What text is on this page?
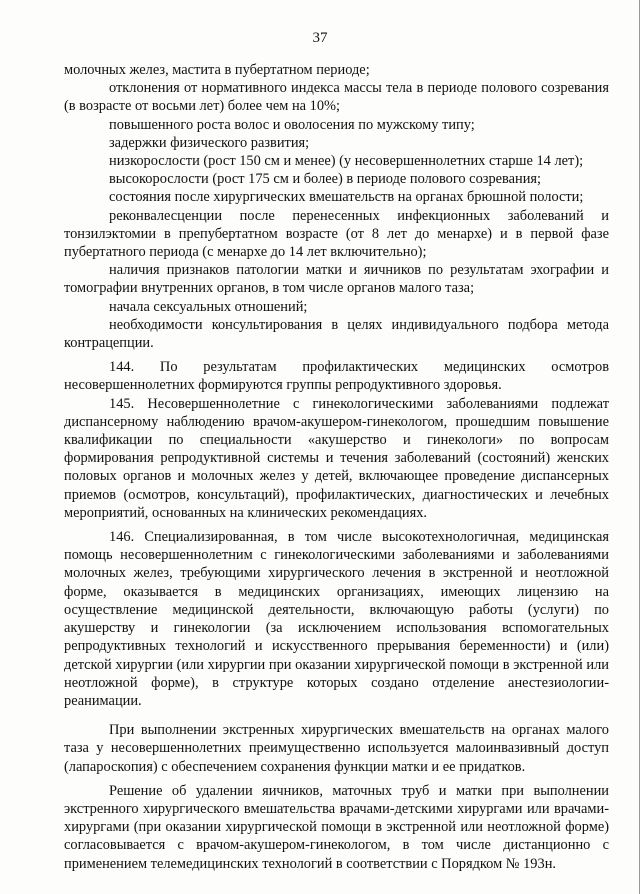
37

молочных желез, мастита в пубертатном периоде;

отклонения от нормативного индекса массы тела в периоде полового созревания (в возрасте от восьми лет) более чем на 10%;

повышенного роста волос и оволосения по мужскому типу;

задержки физического развития;

низкорослости (рост 150 см и менее) (у несовершеннолетних старше 14 лет);

высокорослости (рост 175 см и более) в периоде полового созревания;

состояния после хирургических вмешательств на органах брюшной полости;

реконвалесценции после перенесенных инфекционных заболеваний и тонзилэктомии в препубертатном возрасте (от 8 лет до менархе) и в первой фазе пубертатного периода (с менархе до 14 лет включительно);

наличия признаков патологии матки и яичников по результатам эхографии и томографии внутренних органов, в том числе органов малого таза;

начала сексуальных отношений;

необходимости консультирования в целях индивидуального подбора метода контрацепции.

144. По результатам профилактических медицинских осмотров несовершеннолетних формируются группы репродуктивного здоровья.

145. Несовершеннолетние с гинекологическими заболеваниями подлежат диспансерному наблюдению врачом-акушером-гинекологом, прошедшим повышение квалификации по специальности «акушерство и гинекологи» по вопросам формирования репродуктивной системы и течения заболеваний (состояний) женских половых органов и молочных желез у детей, включающее проведение диспансерных приемов (осмотров, консультаций), профилактических, диагностических и лечебных мероприятий, основанных на клинических рекомендациях.

146. Специализированная, в том числе высокотехнологичная, медицинская помощь несовершеннолетним с гинекологическими заболеваниями и заболеваниями молочных желез, требующими хирургического лечения в экстренной и неотложной форме, оказывается в медицинских организациях, имеющих лицензию на осуществление медицинской деятельности, включающую работы (услуги) по акушерству и гинекологии (за исключением использования вспомогательных репродуктивных технологий и искусственного прерывания беременности) и (или) детской хирургии (или хирургии при оказании хирургической помощи в экстренной или неотложной форме), в структуре которых создано отделение анестезиологии-реанимации.

При выполнении экстренных хирургических вмешательств на органах малого таза у несовершеннолетних преимущественно используется малоинвазивный доступ (лапароскопия) с обеспечением сохранения функции матки и ее придатков.

Решение об удалении яичников, маточных труб и матки при выполнении экстренного хирургического вмешательства врачами-детскими хирургами или врачами-хирургами (при оказании хирургической помощи в экстренной или неотложной форме) согласовывается с врачом-акушером-гинекологом, в том числе дистанционно с применением телемедицинских технологий в соответствии с Порядком № 193н.
